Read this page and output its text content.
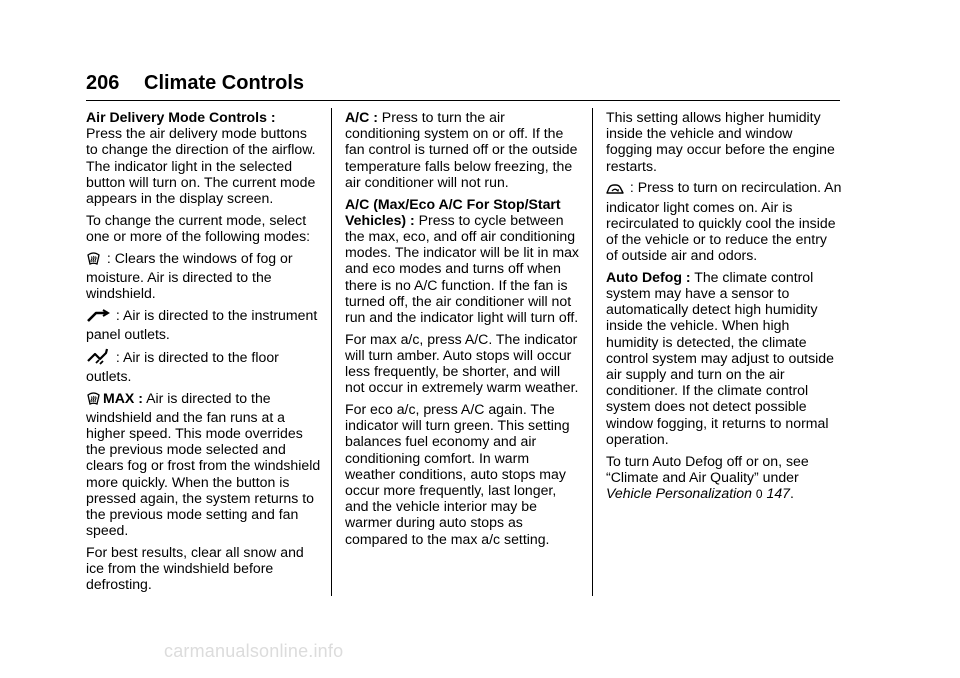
206 Climate Controls

Air Delivery Mode Controls :
Press the air delivery mode buttons to change the direction of the airflow. The indicator light in the selected button will turn on. The current mode appears in the display screen.

To change the current mode, select one or more of the following modes:

: Clears the windows of fog or moisture. Air is directed to the windshield.

: Air is directed to the instrument panel outlets.

: Air is directed to the floor outlets.

MAX : Air is directed to the windshield and the fan runs at a higher speed. This mode overrides the previous mode selected and clears fog or frost from the windshield more quickly. When the button is pressed again, the system returns to the previous mode setting and fan speed.

For best results, clear all snow and ice from the windshield before defrosting.

A/C : Press to turn the air conditioning system on or off. If the fan control is turned off or the outside temperature falls below freezing, the air conditioner will not run.

A/C (Max/Eco A/C For Stop/Start Vehicles) : Press to cycle between the max, eco, and off air conditioning modes. The indicator will be lit in max and eco modes and turns off when there is no A/C function. If the fan is turned off, the air conditioner will not run and the indicator light will turn off.

For max a/c, press A/C. The indicator will turn amber. Auto stops will occur less frequently, be shorter, and will not occur in extremely warm weather.

For eco a/c, press A/C again. The indicator will turn green. This setting balances fuel economy and air conditioning comfort. In warm weather conditions, auto stops may occur more frequently, last longer, and the vehicle interior may be warmer during auto stops as compared to the max a/c setting.

This setting allows higher humidity inside the vehicle and window fogging may occur before the engine restarts.

: Press to turn on recirculation. An indicator light comes on. Air is recirculated to quickly cool the inside of the vehicle or to reduce the entry of outside air and odors.

Auto Defog : The climate control system may have a sensor to automatically detect high humidity inside the vehicle. When high humidity is detected, the climate control system may adjust to outside air supply and turn on the air conditioner. If the climate control system does not detect possible window fogging, it returns to normal operation.

To turn Auto Defog off or on, see “Climate and Air Quality” under Vehicle Personalization 0 147.

carmanualsonline.info
